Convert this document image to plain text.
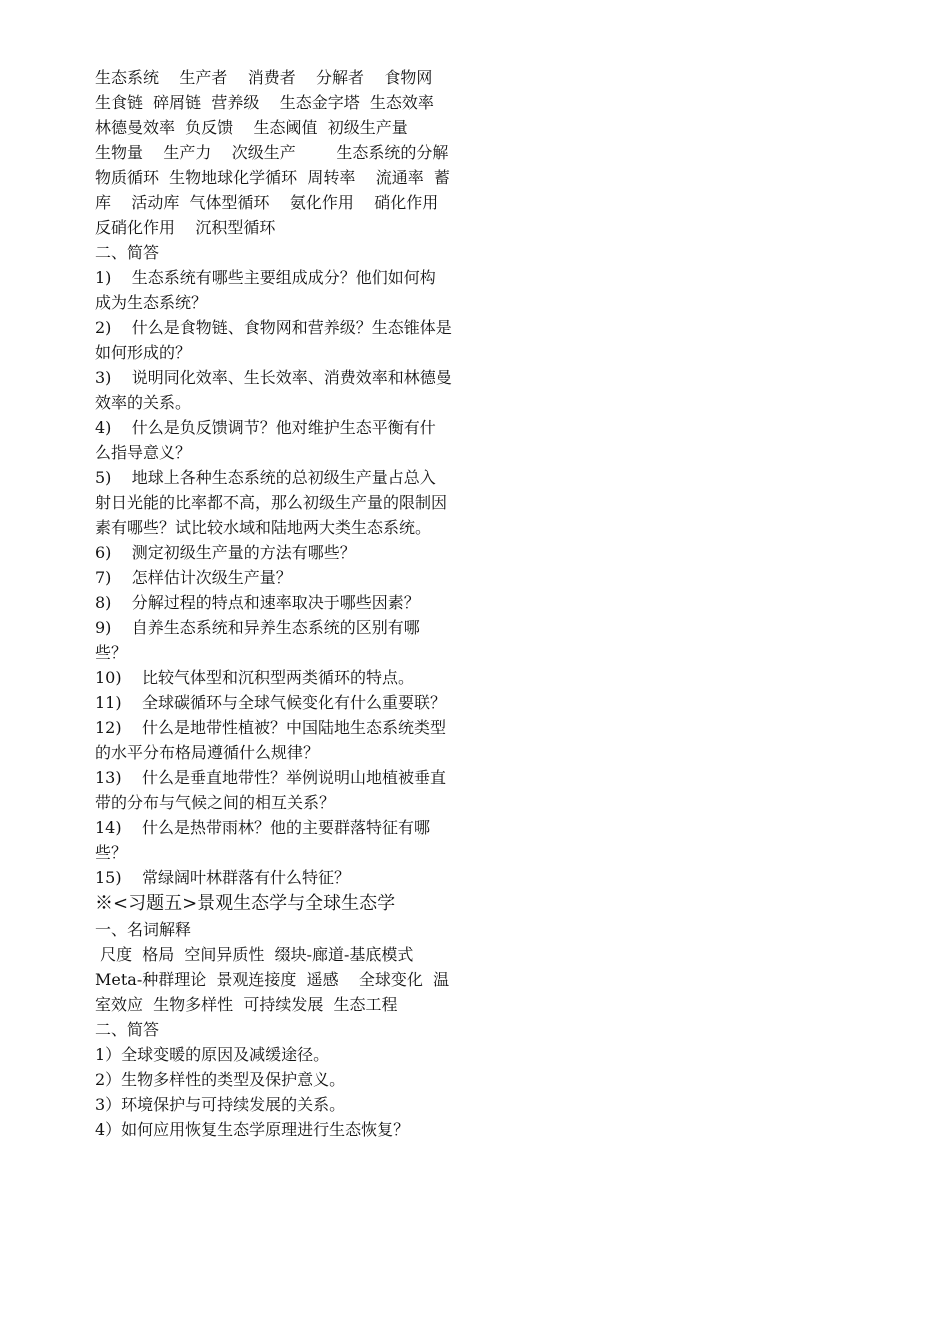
生态系统    生产者    消费者    分解者    食物网
生食链  碎屑链  营养级    生态金字塔  生态效率
林德曼效率  负反馈    生态阈值  初级生产量
生物量    生产力    次级生产        生态系统的分解
物质循环  生物地球化学循环  周转率    流通率  蓄
库    活动库  气体型循环    氨化作用    硝化作用
反硝化作用    沉积型循环
二、简答
1)    生态系统有哪些主要组成成分？他们如何构
成为生态系统？
2)    什么是食物链、食物网和营养级？生态锥体是
如何形成的？
3)    说明同化效率、生长效率、消费效率和林德曼
效率的关系。
4)    什么是负反馈调节？他对维护生态平衡有什
么指导意义？
5)    地球上各种生态系统的总初级生产量占总入
射日光能的比率都不高，那么初级生产量的限制因
素有哪些？试比较水域和陆地两大类生态系统。
6)    测定初级生产量的方法有哪些？
7)    怎样估计次级生产量？
8)    分解过程的特点和速率取决于哪些因素？
9)    自养生态系统和异养生态系统的区别有哪
些？
10)    比较气体型和沉积型两类循环的特点。
11)    全球碳循环与全球气候变化有什么重要联？
12)    什么是地带性植被？中国陆地生态系统类型
的水平分布格局遵循什么规律？
13)    什么是垂直地带性？举例说明山地植被垂直
带的分布与气候之间的相互关系？
14)    什么是热带雨林？他的主要群落特征有哪
些？
15)    常绿阔叶林群落有什么特征？
※<习题五>景观生态学与全球生态学
一、名词解释
尺度  格局  空间异质性  缀块-廊道-基底模式
Meta-种群理论  景观连接度  遥感    全球变化  温
室效应  生物多样性  可持续发展  生态工程
二、简答
1）全球变暖的原因及减缓途径。
2）生物多样性的类型及保护意义。
3）环境保护与可持续发展的关系。
4）如何应用恢复生态学原理进行生态恢复？
